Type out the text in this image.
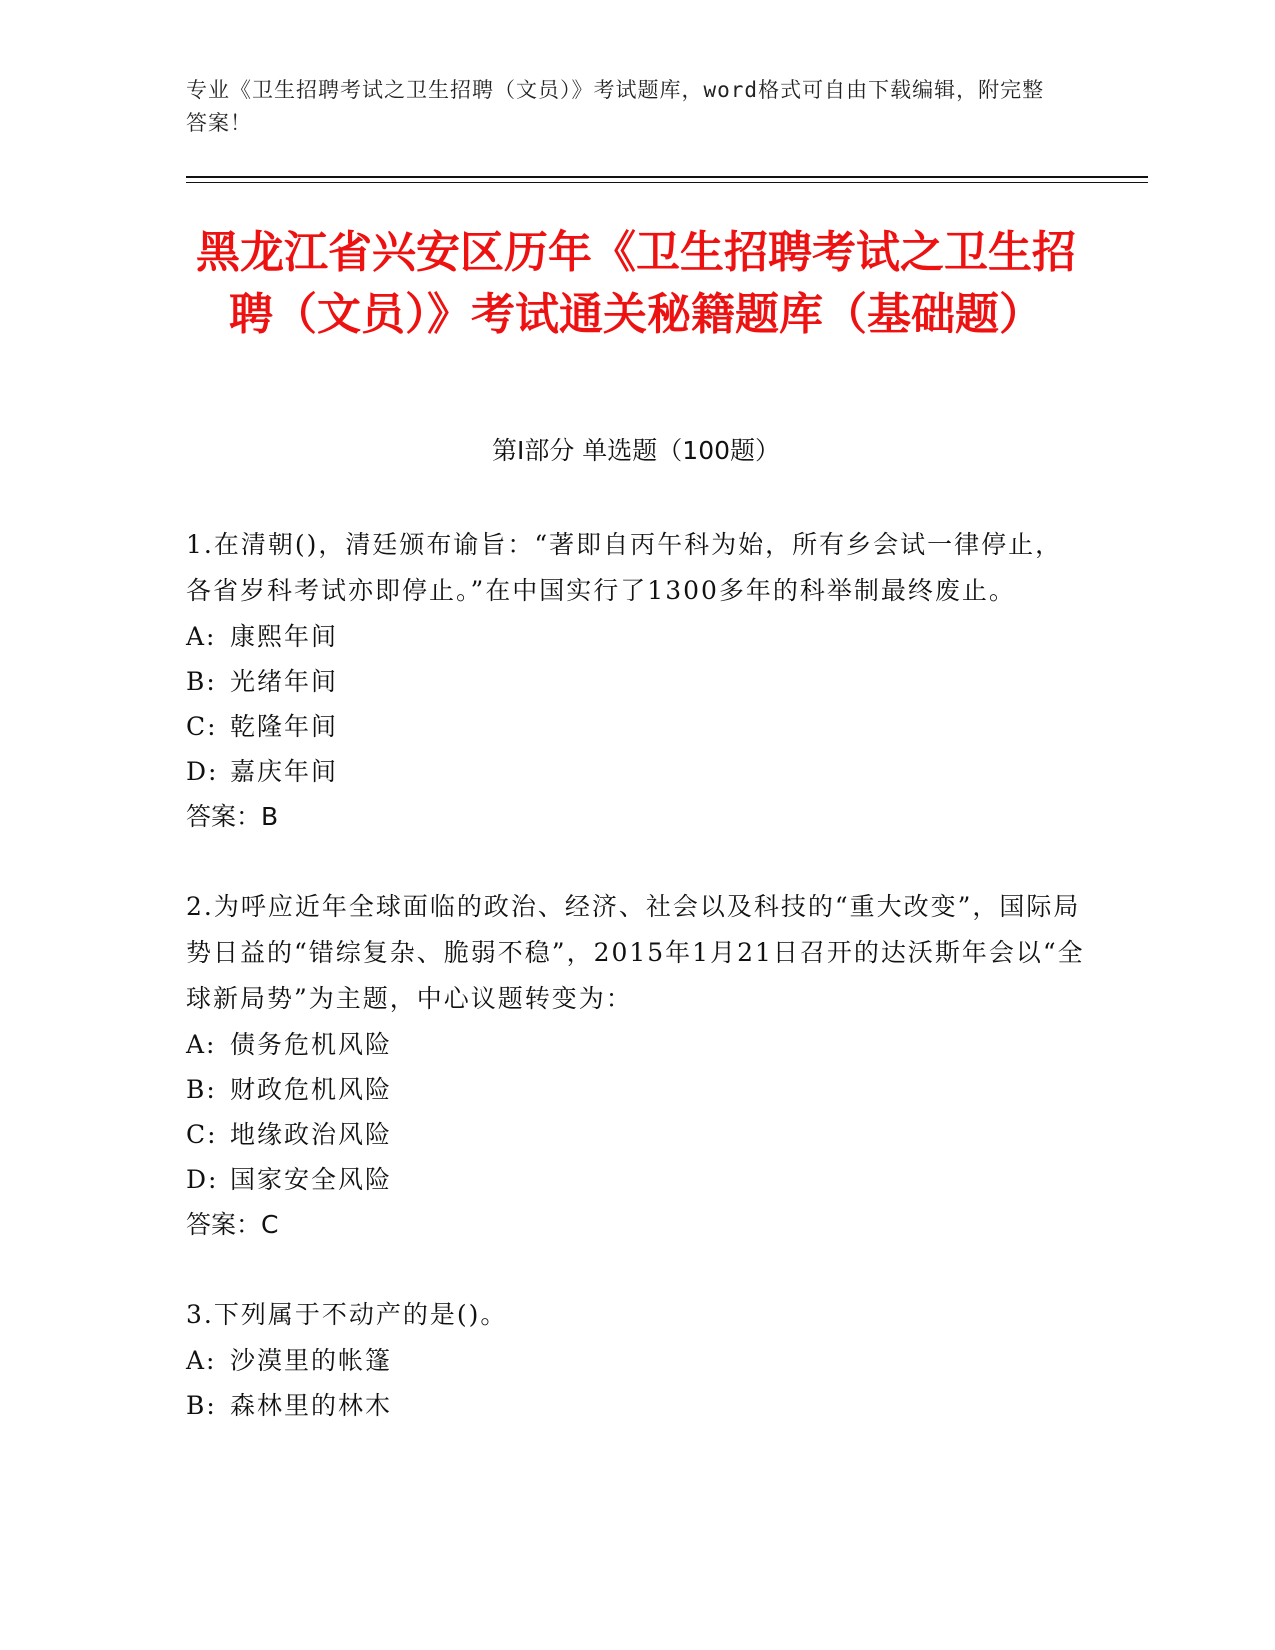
专业《卫生招聘考试之卫生招聘（文员）》考试题库，word格式可自由下载编辑，附完整答案！
黑龙江省兴安区历年《卫生招聘考试之卫生招聘（文员）》考试通关秘籍题库（基础题）
第Ⅰ部分 单选题（100题）
1.在清朝()，清廷颁布谕旨：“著即自丙午科为始，所有乡会试一律停止，各省岁科考试亦即停止。”在中国实行了1300多年的科举制最终废止。
A: 康熙年间
B: 光绪年间
C: 乾隆年间
D: 嘉庆年间
答案：B
2.为呼应近年全球面临的政治、经济、社会以及科技的“重大改变”，国际局势日益的“错综复杂、脆弱不稳”，2015年1月21日召开的达沃斯年会以“全球新局势”为主题，中心议题转变为：
A: 债务危机风险
B: 财政危机风险
C: 地缘政治风险
D: 国家安全风险
答案：C
3.下列属于不动产的是()。
A: 沙漠里的帐篷
B: 森林里的林木
